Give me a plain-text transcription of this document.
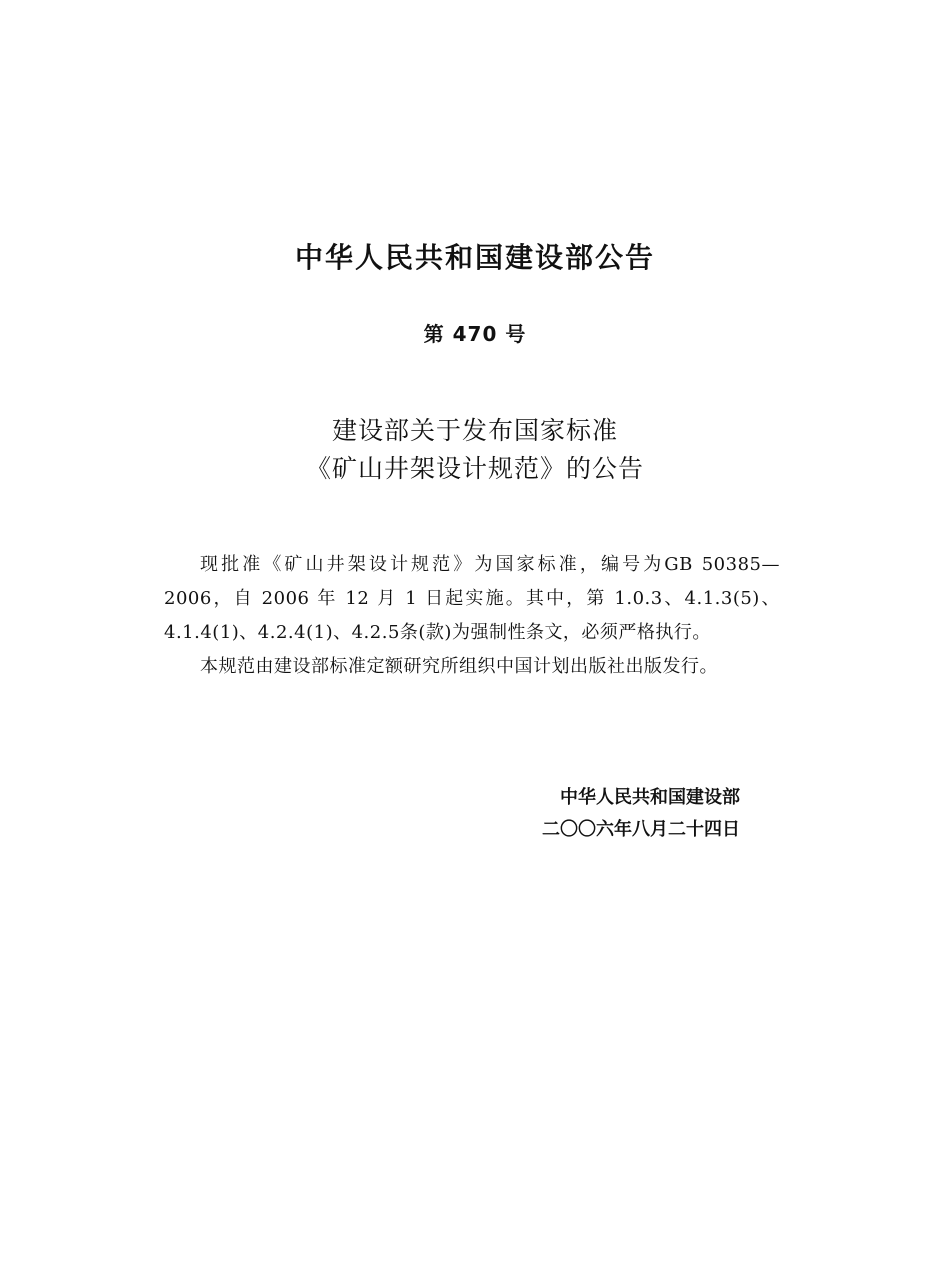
中华人民共和国建设部公告
第 470 号
建设部关于发布国家标准
《矿山井架设计规范》的公告

现批准《矿山井架设计规范》为国家标准，编号为GB 50385—2006，自 2006 年 12 月 1 日起实施。其中，第 1.0.3、4.1.3(5)、4.1.4(1)、4.2.4(1)、4.2.5条(款)为强制性条文，必须严格执行。

本规范由建设部标准定额研究所组织中国计划出版社出版发行。

中华人民共和国建设部
二〇〇六年八月二十四日
